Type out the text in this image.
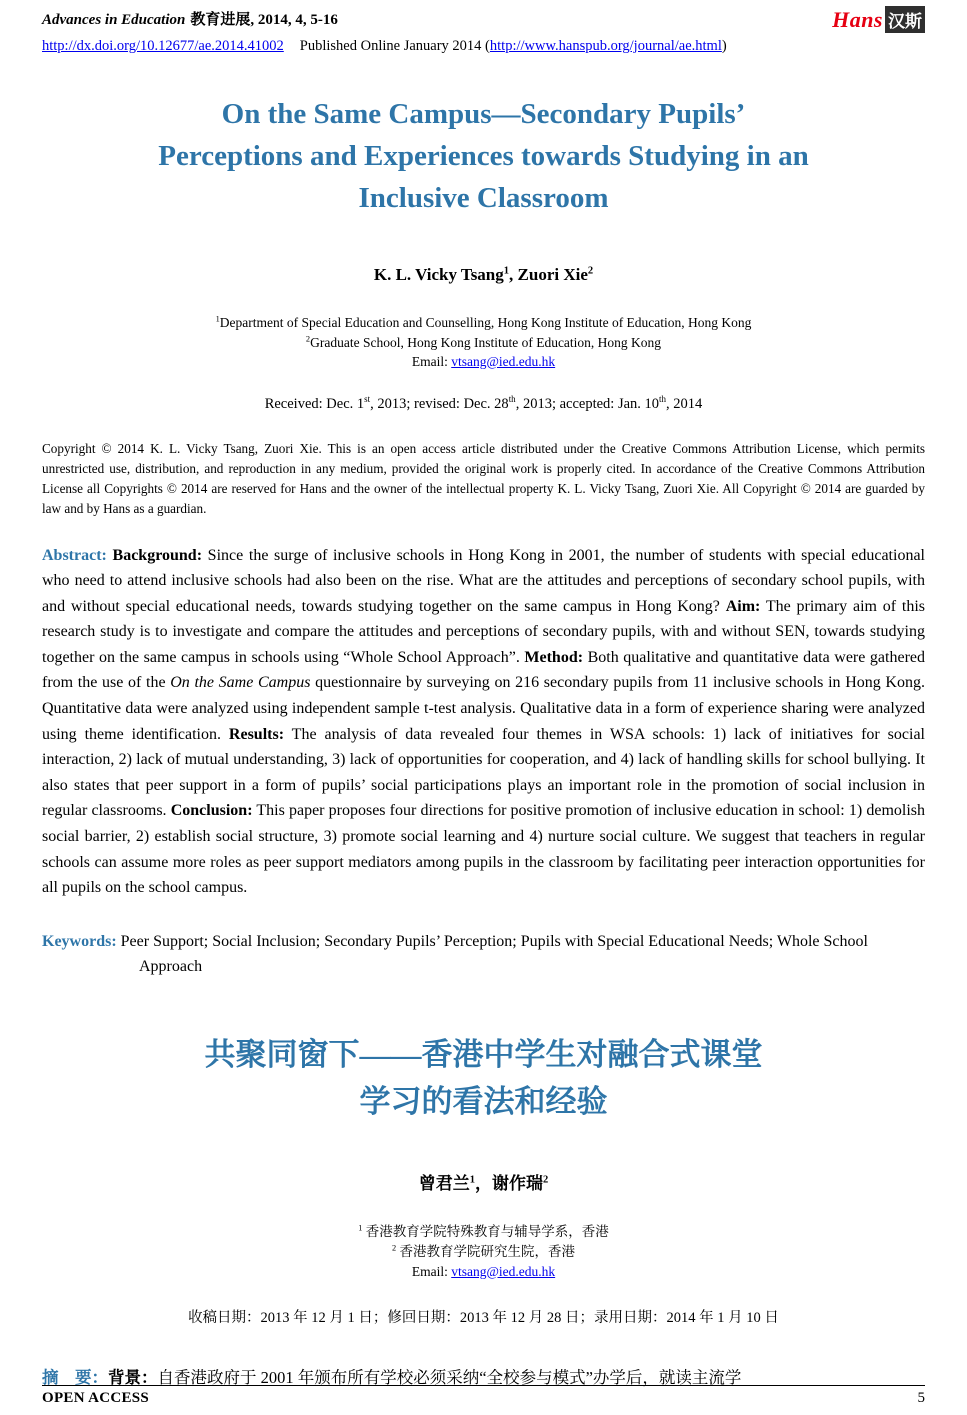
Advances in Education 教育进展, 2014, 4, 5-16	Hans 汉斯
http://dx.doi.org/10.12677/ae.2014.41002 Published Online January 2014 (http://www.hanspub.org/journal/ae.html)
On the Same Campus—Secondary Pupils’
Perceptions and Experiences towards Studying in an
Inclusive Classroom
K. L. Vicky Tsang$^1$, Zuori Xie$^2$
$^1$Department of Special Education and Counselling, Hong Kong Institute of Education, Hong Kong
$^2$Graduate School, Hong Kong Institute of Education, Hong Kong
Email: vtsang@ied.edu.hk
Received: Dec. 1st, 2013; revised: Dec. 28th, 2013; accepted: Jan. 10th, 2014
Copyright © 2014 K. L. Vicky Tsang, Zuori Xie. This is an open access article distributed under the Creative Commons Attribution License, which permits unrestricted use, distribution, and reproduction in any medium, provided the original work is properly cited. In accordance of the Creative Commons Attribution License all Copyrights © 2014 are reserved for Hans and the owner of the intellectual property K. L. Vicky Tsang, Zuori Xie. All Copyright © 2014 are guarded by law and by Hans as a guardian.
Abstract: Background: Since the surge of inclusive schools in Hong Kong in 2001, the number of students with special educational who need to attend inclusive schools had also been on the rise. What are the attitudes and perceptions of secondary school pupils, with and without special educational needs, towards studying together on the same campus in Hong Kong? Aim: The primary aim of this research study is to investigate and compare the attitudes and perceptions of secondary pupils, with and without SEN, towards studying together on the same campus in schools using “Whole School Approach”. Method: Both qualitative and quantitative data were gathered from the use of the On the Same Campus questionnaire by surveying on 216 secondary pupils from 11 inclusive schools in Hong Kong. Quantitative data were analyzed using independent sample t-test analysis. Qualitative data in a form of experience sharing were analyzed using theme identification. Results: The analysis of data revealed four themes in WSA schools: 1) lack of initiatives for social interaction, 2) lack of mutual understanding, 3) lack of opportunities for cooperation, and 4) lack of handling skills for school bullying. It also states that peer support in a form of pupils’ social participations plays an important role in the promotion of social inclusion in regular classrooms. Conclusion: This paper proposes four directions for positive promotion of inclusive education in school: 1) demolish social barrier, 2) establish social structure, 3) promote social learning and 4) nurture social culture. We suggest that teachers in regular schools can assume more roles as peer support mediators among pupils in the classroom by facilitating peer interaction opportunities for all pupils on the school campus.
Keywords: Peer Support; Social Inclusion; Secondary Pupils’ Perception; Pupils with Special Educational Needs; Whole School Approach
共聚同窗下——香港中学生对融合式课堂
学习的看法和经验
曾君兰$^1$，谢作瑞$^2$
$^1$ 香港教育学院特殊教育与辅导学系，香港
$^2$ 香港教育学院研究生院，香港
Email: vtsang@ied.edu.hk
收稿日期：2013 年 12 月 1 日；修回日期：2013 年 12 月 28 日；录用日期：2014 年 1 月 10 日
摘　要：背景：自香港政府于 2001 年颁布所有学校必须采纳“全校参与模式”办学后，就读主流学
OPEN ACCESS	5
